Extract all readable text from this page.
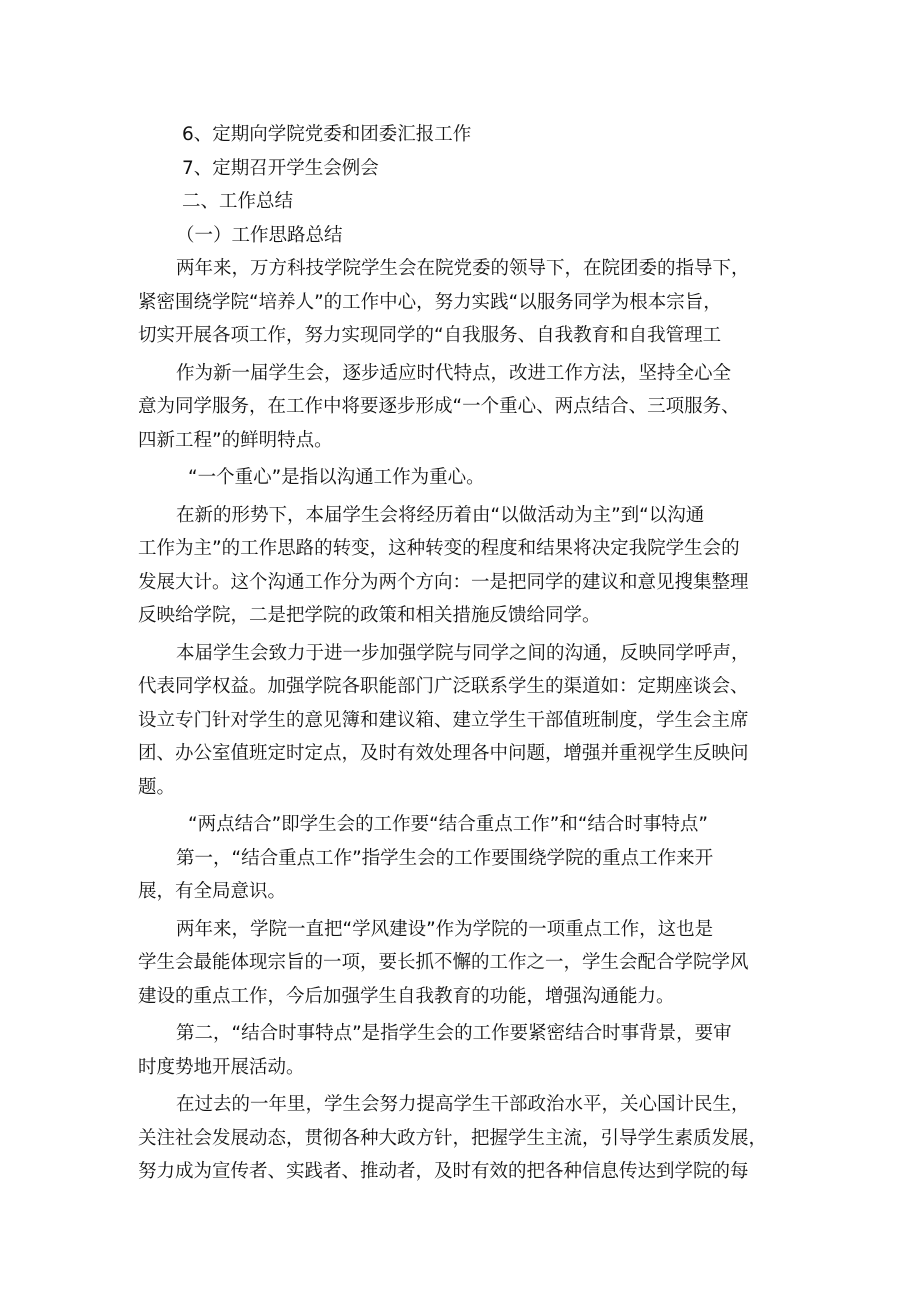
6、定期向学院党委和团委汇报工作
7、定期召开学生会例会
二、工作总结
（一）工作思路总结
两年来，万方科技学院学生会在院党委的领导下，在院团委的指导下，
紧密围绕学院“培养人”的工作中心，努力实践“以服务同学为根本宗旨，
切实开展各项工作，努力实现同学的“自我服务、自我教育和自我管理工
作为新一届学生会，逐步适应时代特点，改进工作方法，坚持全心全
意为同学服务，在工作中将要逐步形成“一个重心、两点结合、三项服务、
四新工程”的鲜明特点。
“一个重心”是指以沟通工作为重心。
在新的形势下，本届学生会将经历着由“以做活动为主”到“以沟通
工作为主”的工作思路的转变，这种转变的程度和结果将决定我院学生会的
发展大计。这个沟通工作分为两个方向：一是把同学的建议和意见搜集整理
反映给学院，二是把学院的政策和相关措施反馈给同学。
本届学生会致力于进一步加强学院与同学之间的沟通，反映同学呼声，
代表同学权益。加强学院各职能部门广泛联系学生的渠道如：定期座谈会、
设立专门针对学生的意见簿和建议箱、建立学生干部值班制度，学生会主席
团、办公室值班定时定点，及时有效处理各中问题，增强并重视学生反映问
题。
“两点结合”即学生会的工作要“结合重点工作”和“结合时事特点”
第一，“结合重点工作”指学生会的工作要围绕学院的重点工作来开
展，有全局意识。
两年来，学院一直把“学风建设”作为学院的一项重点工作，这也是
学生会最能体现宗旨的一项，要长抓不懈的工作之一，学生会配合学院学风
建设的重点工作，今后加强学生自我教育的功能，增强沟通能力。
第二，“结合时事特点”是指学生会的工作要紧密结合时事背景，要审
时度势地开展活动。
在过去的一年里，学生会努力提高学生干部政治水平，关心国计民生，
关注社会发展动态，贯彻各种大政方针，把握学生主流，引导学生素质发展，
努力成为宣传者、实践者、推动者，及时有效的把各种信息传达到学院的每
